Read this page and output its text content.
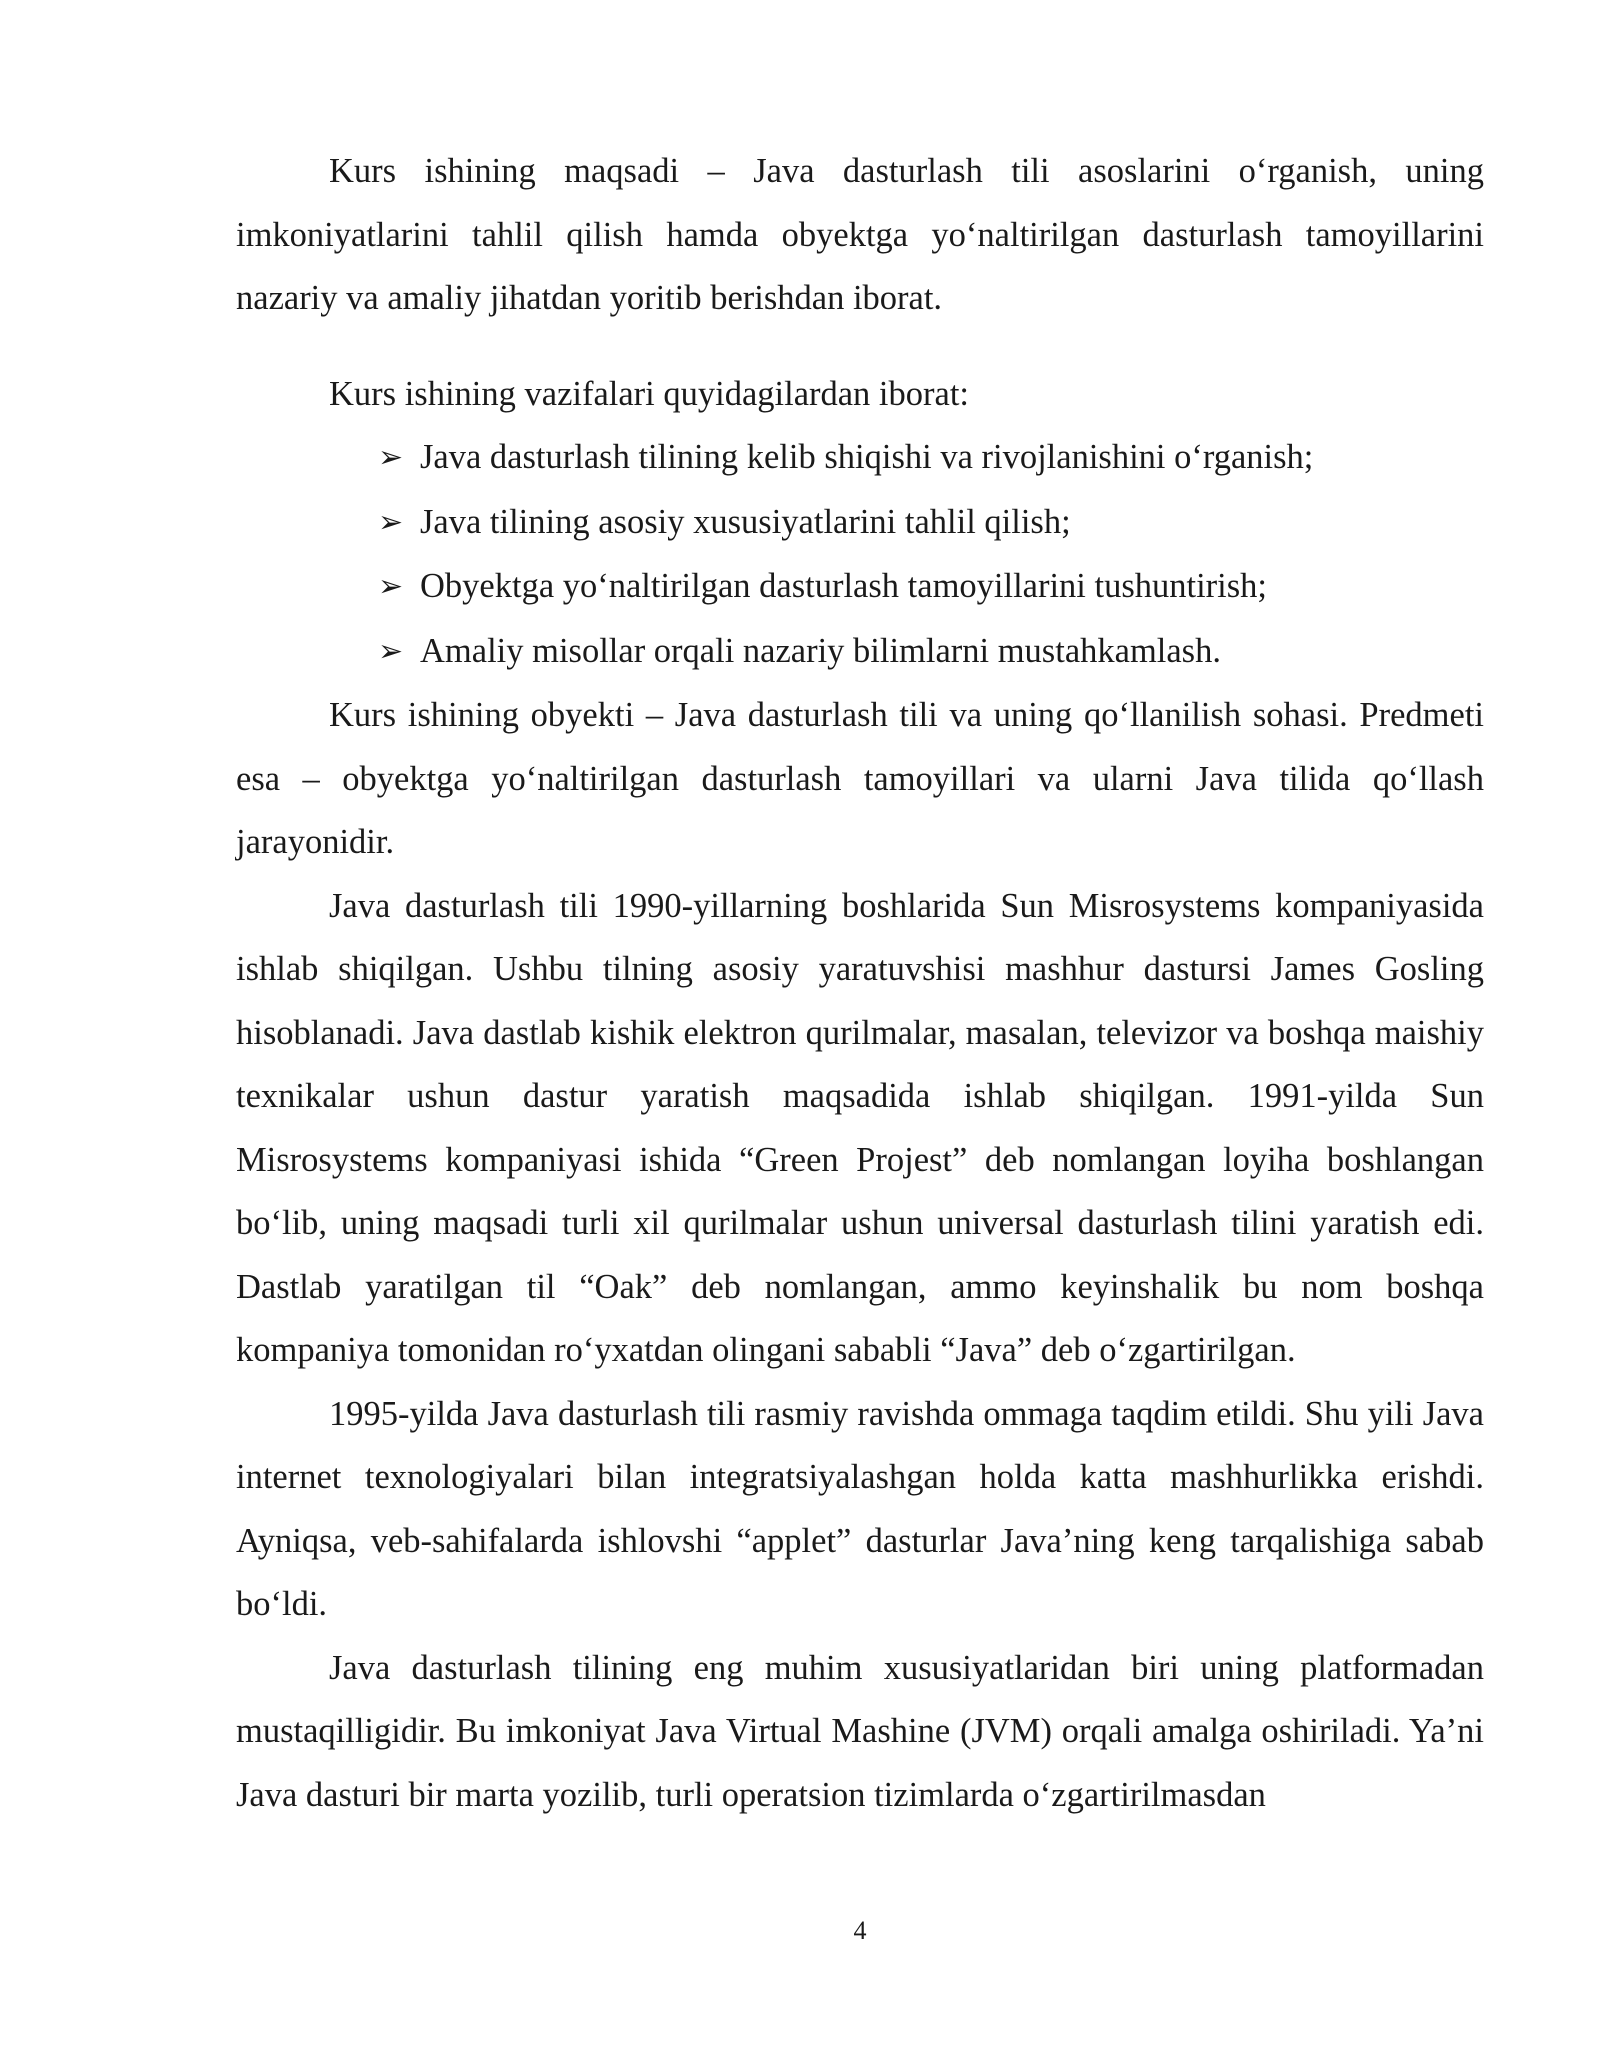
Kurs ishining maqsadi – Java dasturlash tili asoslarini o‘rganish, uning imkoniyatlarini tahlil qilish hamda obyektga yo‘naltirilgan dasturlash tamoyillarini nazariy va amaliy jihatdan yoritib berishdan iborat.

Kurs ishining vazifalari quyidagilardan iborat:

➢ Java dasturlash tilining kelib shiqishi va rivojlanishini o‘rganish;
➢ Java tilining asosiy xususiyatlarini tahlil qilish;
➢ Obyektga yo‘naltirilgan dasturlash tamoyillarini tushuntirish;
➢ Amaliy misollar orqali nazariy bilimlarni mustahkamlash.

Kurs ishining obyekti – Java dasturlash tili va uning qo‘llanilish sohasi. Predmeti esa – obyektga yo‘naltirilgan dasturlash tamoyillari va ularni Java tilida qo‘llash jarayonidir.

Java dasturlash tili 1990-yillarning boshlarida Sun Misrosystems kompaniyasida ishlab shiqilgan. Ushbu tilning asosiy yaratuvshisi mashhur dastursi James Gosling hisoblanadi. Java dastlab kishik elektron qurilmalar, masalan, televizor va boshqa maishiy texnikalar ushun dastur yaratish maqsadida ishlab shiqilgan. 1991-yilda Sun Misrosystems kompaniyasi ishida “Green Projest” deb nomlangan loyiha boshlangan bo‘lib, uning maqsadi turli xil qurilmalar ushun universal dasturlash tilini yaratish edi. Dastlab yaratilgan til “Oak” deb nomlangan, ammo keyinshalik bu nom boshqa kompaniya tomonidan ro‘yxatdan olingani sababli “Java” deb o‘zgartirilgan.

1995-yilda Java dasturlash tili rasmiy ravishda ommaga taqdim etildi. Shu yili Java internet texnologiyalari bilan integratsiyalashgan holda katta mashhurlikka erishdi. Ayniqsa, veb-sahifalarda ishlovshi “applet” dasturlar Java’ning keng tarqalishiga sabab bo‘ldi.

Java dasturlash tilining eng muhim xususiyatlaridan biri uning platformadan mustaqilligidir. Bu imkoniyat Java Virtual Mashine (JVM) orqali amalga oshiriladi. Ya’ni Java dasturi bir marta yozilib, turli operatsion tizimlarda o‘zgartirilmasdan

4
